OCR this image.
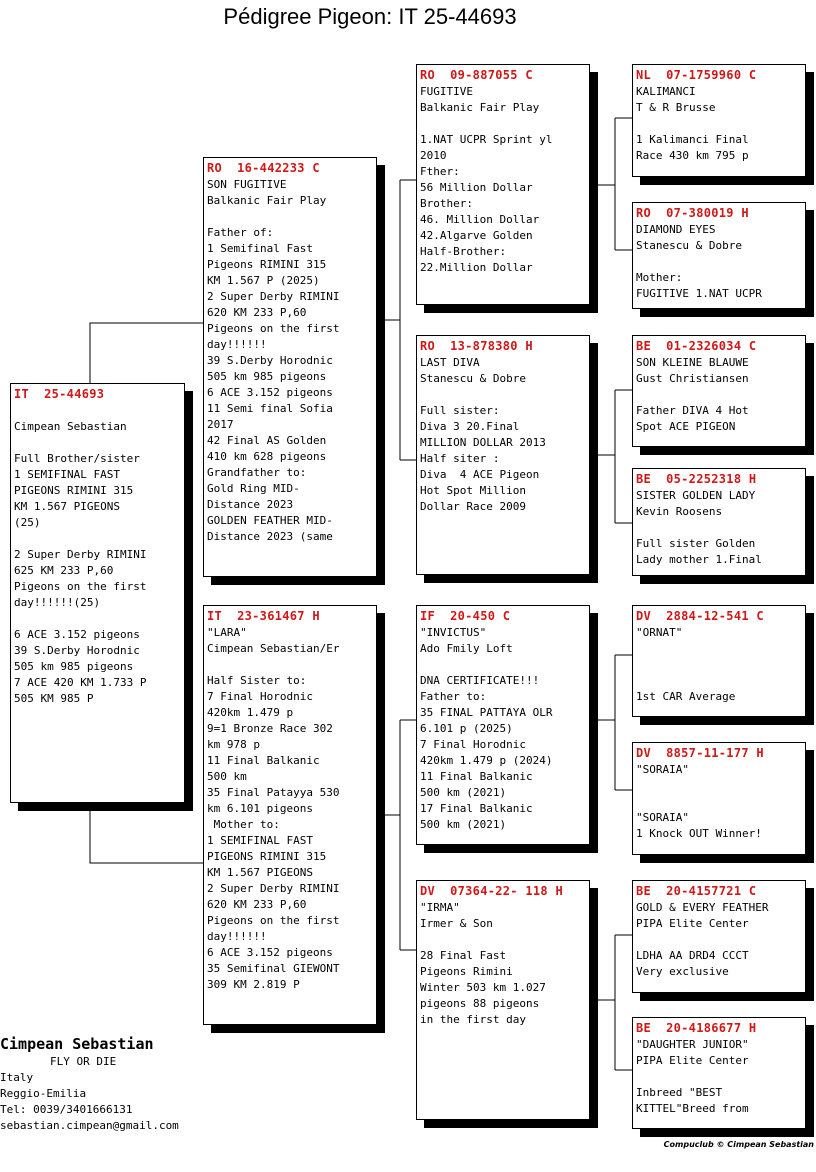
Pédigree Pigeon: IT 25-44693
IT  25-44693
Cimpean Sebastian
Full Brother/sister
1 SEMIFINAL FAST
PIGEONS RIMINI 315
KM 1.567 PIGEONS
(25)
2 Super Derby RIMINI
625 KM 233 P,60
Pigeons on the first
day!!!!!!(25)
6 ACE 3.152 pigeons
39 S.Derby Horodnic
505 km 985 pigeons
7 ACE 420 KM 1.733 P
505 KM 985 P
RO  16-442233 C
SON FUGITIVE
Balkanic Fair Play
Father of:
1 Semifinal Fast
Pigeons RIMINI 315
KM 1.567 P (2025)
2 Super Derby RIMINI
620 KM 233 P,60
Pigeons on the first
day!!!!!!
39 S.Derby Horodnic
505 km 985 pigeons
6 ACE 3.152 pigeons
11 Semi final Sofia
2017
42 Final AS Golden
410 km 628 pigeons
Grandfather to:
Gold Ring MID-
Distance 2023
GOLDEN FEATHER MID-
Distance 2023 (same
IT  23-361467 H
"LARA"
Cimpean Sebastian/Er
Half Sister to:
7 Final Horodnic
420km 1.479 p
9=1 Bronze Race 302
km 978 p
11 Final Balkanic
500 km
35 Final Patayya 530
km 6.101 pigeons
Mother to:
1 SEMIFINAL FAST
PIGEONS RIMINI 315
KM 1.567 PIGEONS
2 Super Derby RIMINI
620 KM 233 P,60
Pigeons on the first
day!!!!!!
6 ACE 3.152 pigeons
35 Semifinal GIEWONT
309 KM 2.819 P
RO  09-887055 C
FUGITIVE
Balkanic Fair Play
1.NAT UCPR Sprint yl
2010
Fther:
56 Million Dollar
Brother:
46. Million Dollar
42.Algarve Golden
Half-Brother:
22.Million Dollar
RO  13-878380 H
LAST DIVA
Stanescu & Dobre
Full sister:
Diva 3 20.Final
MILLION DOLLAR 2013
Half siter :
Diva  4 ACE Pigeon
Hot Spot Million
Dollar Race 2009
IF  20-450 C
"INVICTUS"
Ado Fmily Loft
DNA CERTIFICATE!!!
Father to:
35 FINAL PATTAYA OLR
6.101 p (2025)
7 Final Horodnic
420km 1.479 p (2024)
11 Final Balkanic
500 km (2021)
17 Final Balkanic
500 km (2021)
DV  07364-22- 118 H
"IRMA"
Irmer & Son
28 Final Fast
Pigeons Rimini
Winter 503 km 1.027
pigeons 88 pigeons
in the first day
NL  07-1759960 C
KALIMANCI
T & R Brusse
1 Kalimanci Final
Race 430 km 795 p
RO  07-380019 H
DIAMOND EYES
Stanescu & Dobre
Mother:
FUGITIVE 1.NAT UCPR
BE  01-2326034 C
SON KLEINE BLAUWE
Gust Christiansen
Father DIVA 4 Hot
Spot ACE PIGEON
BE  05-2252318 H
SISTER GOLDEN LADY
Kevin Roosens
Full sister Golden
Lady mother 1.Final
DV  2884-12-541 C
"ORNAT"
1st CAR Average
DV  8857-11-177 H
"SORAIA"
"SORAIA"
1 Knock OUT Winner!
BE  20-4157721 C
GOLD & EVERY FEATHER
PIPA Elite Center
LDHA AA DRD4 CCCT
Very exclusive
BE  20-4186677 H
"DAUGHTER JUNIOR"
PIPA Elite Center
Inbreed "BEST
KITTEL"Breed from
Cimpean Sebastian
FLY OR DIE
Italy
Reggio-Emilia
Tel: 0039/3401666131
sebastian.cimpean@gmail.com
Compuclub © Cimpean Sebastian
